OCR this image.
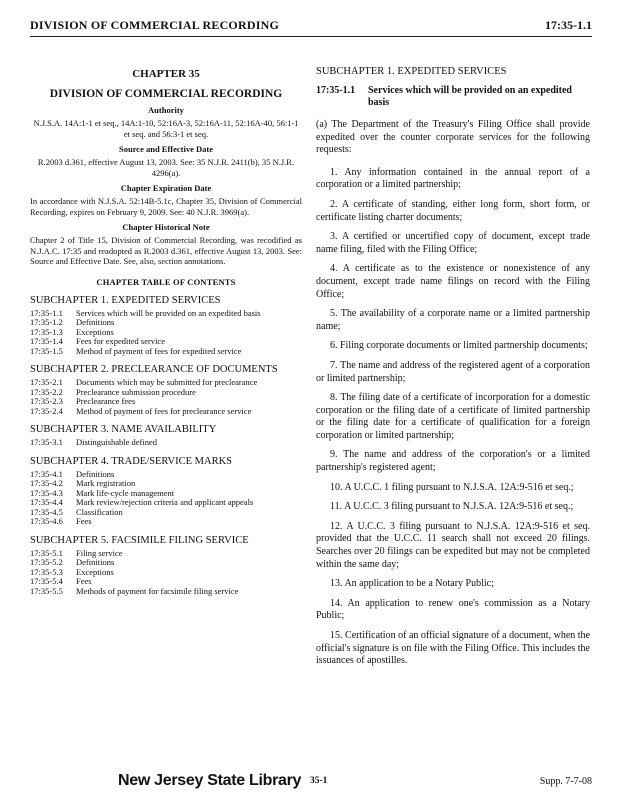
DIVISION OF COMMERCIAL RECORDING	17:35-1.1
CHAPTER 35
DIVISION OF COMMERCIAL RECORDING
Authority

N.J.S.A. 14A:1-1 et seq., 14A:1-10, 52:16A-3, 52:16A-11, 52:16A-40, 56:1-1 et seq. and 56:3-1 et seq.

Source and Effective Date

R.2003 d.361, effective August 13, 2003. See: 35 N.J.R. 2411(b), 35 N.J.R. 4296(a).

Chapter Expiration Date

In accordance with N.J.S.A. 52:14B-5.1c, Chapter 35, Division of Commercial Recording, expires on February 9, 2009. See: 40 N.J.R. 3969(a).

Chapter Historical Note

Chapter 2 of Title 15, Division of Commercial Recording, was recodified as N.J.A.C. 17:35 and readopted as R.2003 d.361, effective August 13, 2003. See: Source and Effective Date. See, also, section annotations.

CHAPTER TABLE OF CONTENTS
SUBCHAPTER 1. EXPEDITED SERVICES
17:35-1.1	Services which will be provided on an expedited basis
17:35-1.2	Definitions
17:35-1.3	Exceptions
17:35-1.4	Fees for expedited service
17:35-1.5	Method of payment of fees for expedited service
SUBCHAPTER 2. PRECLEARANCE OF DOCUMENTS
17:35-2.1	Documents which may be submitted for preclearance
17:35-2.2	Preclearance submission procedure
17:35-2.3	Preclearance fees
17:35-2.4	Method of payment of fees for preclearance service
SUBCHAPTER 3. NAME AVAILABILITY
17:35-3.1	Distinguishable defined
SUBCHAPTER 4. TRADE/SERVICE MARKS
17:35-4.1	Definitions
17:35-4.2	Mark registration
17:35-4.3	Mark life-cycle management
17:35-4.4	Mark review/rejection criteria and applicant appeals
17:35-4.5	Classification
17:35-4.6	Fees
SUBCHAPTER 5. FACSIMILE FILING SERVICE
17:35-5.1	Filing service
17:35-5.2	Definitions
17:35-5.3	Exceptions
17:35-5.4	Fees
17:35-5.5	Methods of payment for facsimile filing service
SUBCHAPTER 1. EXPEDITED SERVICES
17:35-1.1	Services which will be provided on an expedited basis

(a) The Department of the Treasury's Filing Office shall provide expedited over the counter corporate services for the following requests:

1. Any information contained in the annual report of a corporation or a limited partnership;

2. A certificate of standing, either long form, short form, or certificate listing charter documents;

3. A certified or uncertified copy of document, except trade name filing, filed with the Filing Office;

4. A certificate as to the existence or nonexistence of any document, except trade name filings on record with the Filing Office;

5. The availability of a corporate name or a limited partnership name;

6. Filing corporate documents or limited partnership documents;

7. The name and address of the registered agent of a corporation or limited partnership;

8. The filing date of a certificate of incorporation for a domestic corporation or the filing date of a certificate of limited partnership or the filing date for a certificate of qualification for a foreign corporation or limited partnership;

9. The name and address of the corporation's or a limited partnership's registered agent;

10. A U.C.C. 1 filing pursuant to N.J.S.A. 12A:9-516 et seq.;

11. A U.C.C. 3 filing pursuant to N.J.S.A. 12A:9-516 et seq.;

12. A U.C.C. 3 filing pursuant to N.J.S.A. 12A:9-516 et seq. provided that the U.C.C. 11 search shall not exceed 20 filings. Searches over 20 filings can be expedited but may not be completed within the same day;

13. An application to be a Notary Public;

14. An application to renew one's commission as a Notary Public;

15. Certification of an official signature of a document, when the official's signature is on file with the Filing Office. This includes the issuances of apostilles.

New Jersey State Library 35-1	Supp. 7-7-08
